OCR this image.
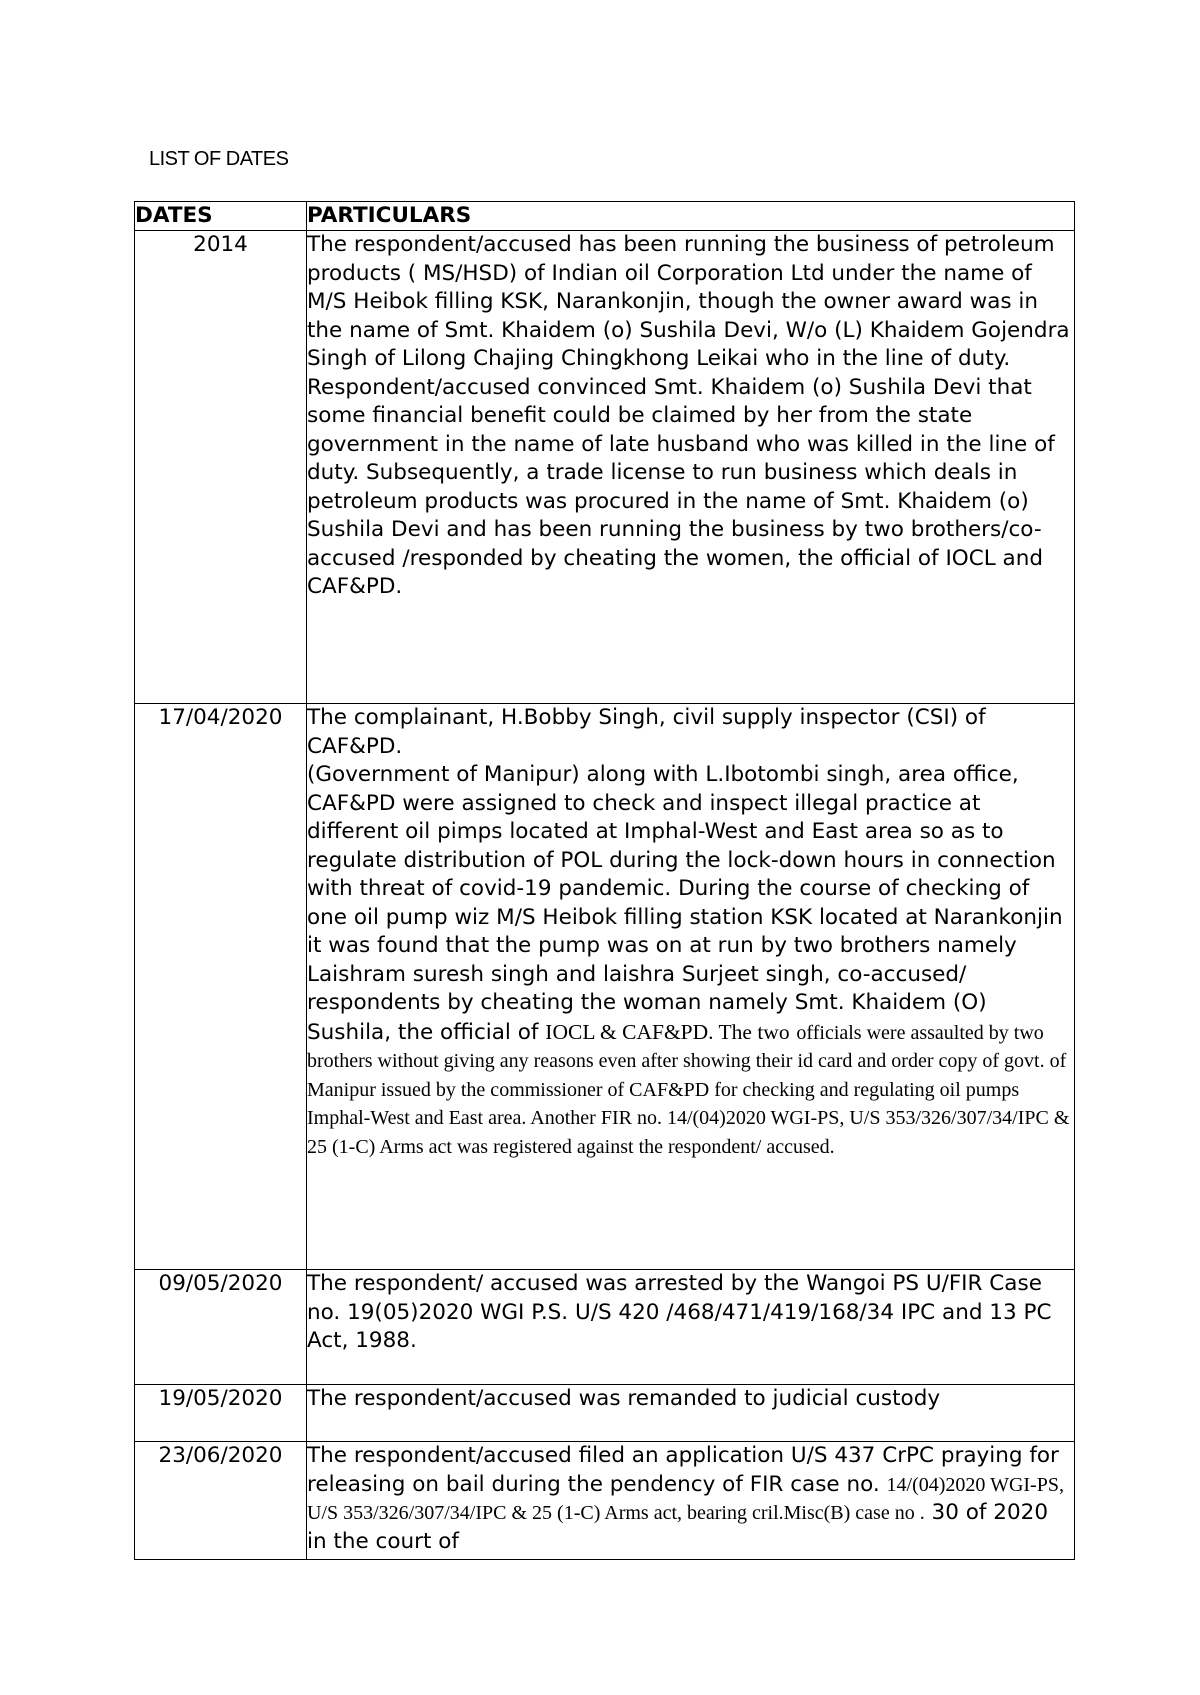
LIST OF DATES
DATES	PARTICULARS
2014	The respondent/accused has been running the business of petroleum products ( MS/HSD) of Indian oil Corporation Ltd under the name of M/S Heibok filling KSK, Narankonjin, though the owner award was in the name of Smt. Khaidem (o) Sushila Devi, W/o (L) Khaidem Gojendra Singh of Lilong Chajing Chingkhong Leikai who in the line of duty. Respondent/accused convinced Smt. Khaidem (o) Sushila Devi that some financial benefit could be claimed by her from the state government in the name of late husband who was killed in the line of duty. Subsequently, a trade license to run business which deals in petroleum products was procured in the name of Smt. Khaidem (o) Sushila Devi and has been running the business by two brothers/co-accused /responded by cheating the women, the official of IOCL and CAF&PD.
17/04/2020	The complainant, H.Bobby Singh, civil supply inspector (CSI) of CAF&PD.

(Government of Manipur) along with L.Ibotombi singh, area office, CAF&PD were assigned to check and inspect illegal practice at different oil pimps located at Imphal-West and East area so as to regulate distribution of POL during the lock-down hours in connection with threat of covid-19 pandemic. During the course of checking of one oil pump wiz M/S Heibok filling station KSK located at Narankonjin it was found that the pump was on at run by two brothers namely Laishram suresh singh and laishra Surjeet singh, co-accused/ respondents by cheating the woman namely Smt. Khaidem (O) Sushila, the official of IOCL & CAF&PD. The two officials were assaulted by two brothers without giving any reasons even after showing their id card and order copy of govt. of Manipur issued by the commissioner of CAF&PD for checking and regulating oil pumps Imphal-West and East area. Another FIR no. 14/(04)2020 WGI-PS, U/S 353/326/307/34/IPC & 25 (1-C) Arms act was registered against the respondent/ accused.

09/05/2020	The respondent/ accused was arrested by the Wangoi PS U/FIR Case no. 19(05)2020 WGI P.S. U/S 420 /468/471/419/168/34 IPC and 13 PC Act, 1988.
19/05/2020	The respondent/accused was remanded to judicial custody
23/06/2020	The respondent/accused filed an application U/S 437 CrPC praying for releasing on bail during the pendency of FIR case no. 14/(04)2020 WGI-PS, U/S 353/326/307/34/IPC & 25 (1-C) Arms act, bearing cril.Misc(B) case no . 30 of 2020 in the court of
